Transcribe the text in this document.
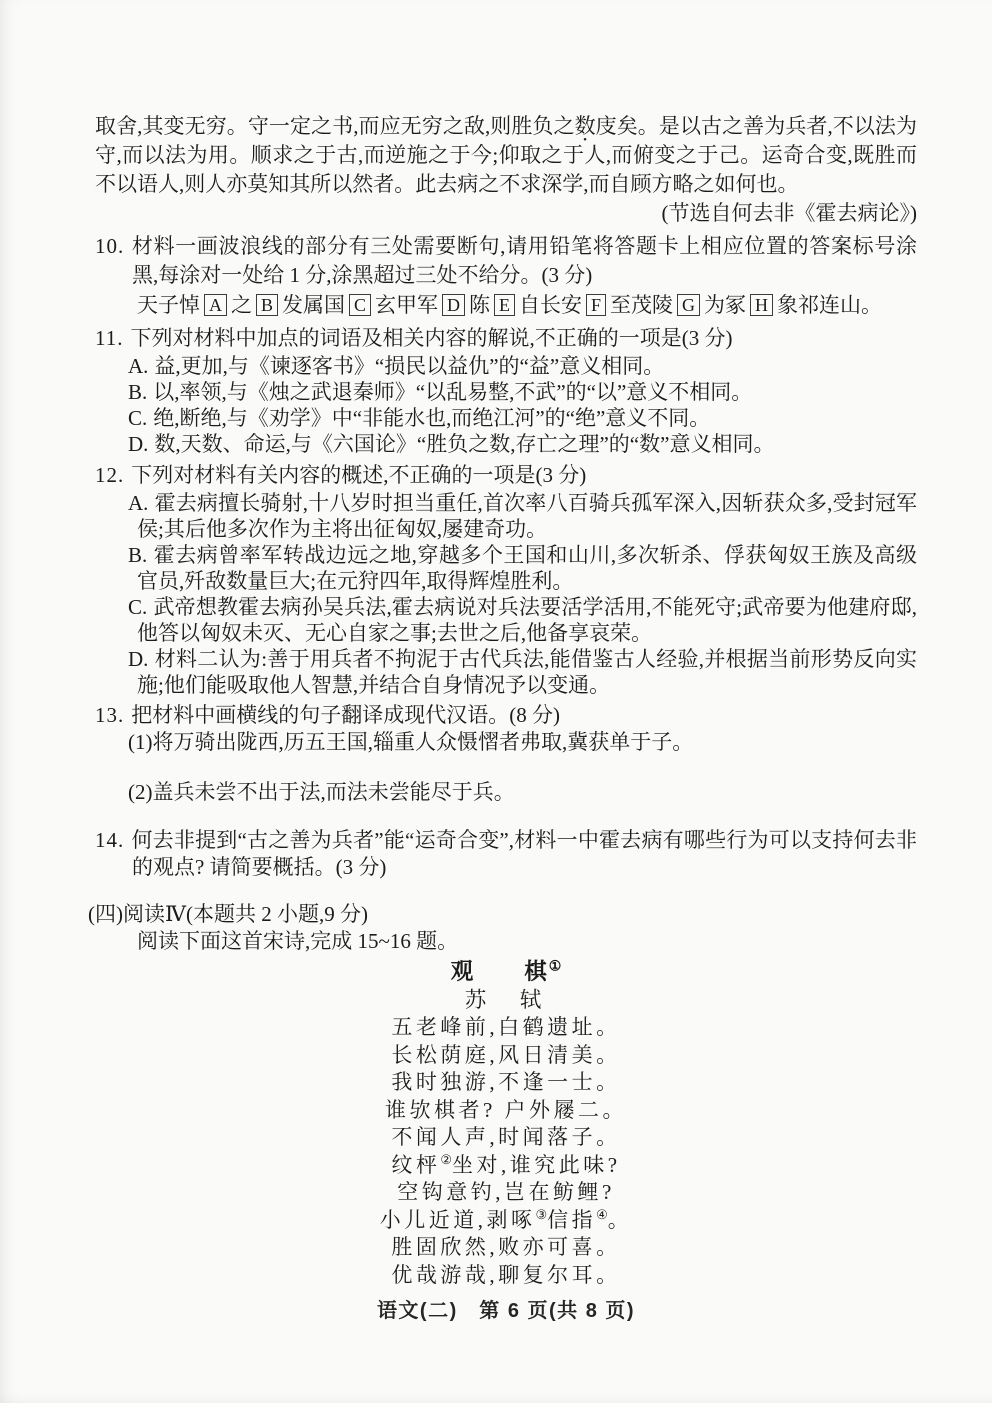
取舍,其变无穷。守一定之书,而应无穷之敌,则胜负之数庋矣。是以古之善为兵者,不以法为守,而以法为用。顺求之于古,而逆施之于今;仰取之于人,而俯变之于己。运奇合变,既胜而不以语人,则人亦莫知其所以然者。此去病之不求深学,而自顾方略之如何也。

(节选自何去非《霍去病论》)

10. 材料一画波浪线的部分有三处需要断句,请用铅笔将答题卡上相应位置的答案标号涂黑,每涂对一处给 1 分,涂黑超过三处不给分。(3 分)

天子悼 A 之 B 发属国 C 玄甲军 D 陈 E 自长安 F 至茂陵 G 为冢 H 象祁连山。

11. 下列对材料中加点的词语及相关内容的解说,不正确的一项是(3 分)

A. 益,更加,与《谏逐客书》“损民以益仇”的“益”意义相同。

B. 以,率领,与《烛之武退秦师》“以乱易整,不武”的“以”意义不相同。

C. 绝,断绝,与《劝学》中“非能水也,而绝江河”的“绝”意义不同。

D. 数,天数、命运,与《六国论》“胜负之数,存亡之理”的“数”意义相同。

12. 下列对材料有关内容的概述,不正确的一项是(3 分)

A. 霍去病擅长骑射,十八岁时担当重任,首次率八百骑兵孤军深入,因斩获众多,受封冠军侯;其后他多次作为主将出征匈奴,屡建奇功。

B. 霍去病曾率军转战边远之地,穿越多个王国和山川,多次斩杀、俘获匈奴王族及高级官员,歼敌数量巨大;在元狩四年,取得辉煌胜利。

C. 武帝想教霍去病孙吴兵法,霍去病说对兵法要活学活用,不能死守;武帝要为他建府邸,他答以匈奴未灭、无心自家之事;去世之后,他备享哀荣。

D. 材料二认为:善于用兵者不拘泥于古代兵法,能借鉴古人经验,并根据当前形势反向实施;他们能吸取他人智慧,并结合自身情况予以变通。

13. 把材料中画横线的句子翻译成现代汉语。(8 分)

(1)将万骑出陇西,历五王国,辎重人众慑慴者弗取,冀获单于子。

(2)盖兵未尝不出于法,而法未尝能尽于兵。

14. 何去非提到“古之善为兵者”能“运奇合变”,材料一中霍去病有哪些行为可以支持何去非的观点? 请简要概括。(3 分)

(四)阅读Ⅳ(本题共 2 小题,9 分)

阅读下面这首宋诗,完成 15~16 题。

观　　棋①

苏　轼

五老峰前,白鹤遗址。

长松荫庭,风日清美。

我时独游,不逢一士。

谁欤棋者? 户外屦二。

不闻人声,时闻落子。

纹枰②坐对,谁究此味?

空钩意钓,岂在鲂鲤?

小儿近道,剥啄③信指④。

胜固欣然,败亦可喜。

优哉游哉,聊复尔耳。

语文(二)　第 6 页(共 8 页)
